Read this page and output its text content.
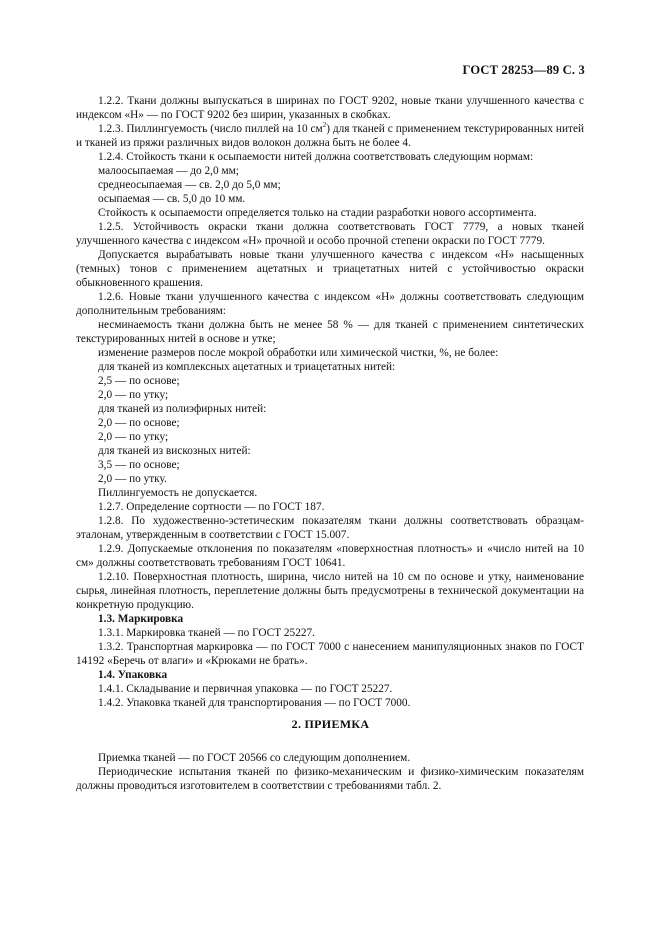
ГОСТ 28253—89 С. 3

1.2.2. Ткани должны выпускаться в ширинах по ГОСТ 9202, новые ткани улучшенного качества с индексом «Н» — по ГОСТ 9202 без ширин, указанных в скобках.

1.2.3. Пиллингуемость (число пиллей на 10 $см^2$) для тканей с применением текстурированных нитей и тканей из пряжи различных видов волокон должна быть не более 4.

1.2.4. Стойкость ткани к осыпаемости нитей должна соответствовать следующим нормам:

малоосыпаемая — до 2,0 мм;

среднеосыпаемая — св. 2,0 до 5,0 мм;

осыпаемая — св. 5,0 до 10 мм.

Стойкость к осыпаемости определяется только на стадии разработки нового ассортимента.

1.2.5. Устойчивость окраски ткани должна соответствовать ГОСТ 7779, а новых тканей улучшенного качества с индексом «Н» прочной и особо прочной степени окраски по ГОСТ 7779.

Допускается вырабатывать новые ткани улучшенного качества с индексом «Н» насыщенных (темных) тонов с применением ацетатных и триацетатных нитей с устойчивостью окраски обыкновенного крашения.

1.2.6. Новые ткани улучшенного качества с индексом «Н» должны соответствовать следующим дополнительным требованиям:

несминаемость ткани должна быть не менее 58 % — для тканей с применением синтетических текстурированных нитей в основе и утке;

изменение размеров после мокрой обработки или химической чистки, %, не более:

для тканей из комплексных ацетатных и триацетатных нитей:

2,5 — по основе;

2,0 — по утку;

для тканей из полиэфирных нитей:

2,0 — по основе;

2,0 — по утку;

для тканей из вискозных нитей:

3,5 — по основе;

2,0 — по утку.

Пиллингуемость не допускается.

1.2.7. Определение сортности — по ГОСТ 187.

1.2.8. По художественно-эстетическим показателям ткани должны соответствовать образцам-эталонам, утвержденным в соответствии с ГОСТ 15.007.

1.2.9. Допускаемые отклонения по показателям «поверхностная плотность» и «число нитей на 10 см» должны соответствовать требованиям ГОСТ 10641.

1.2.10. Поверхностная плотность, ширина, число нитей на 10 см по основе и утку, наименование сырья, линейная плотность, переплетение должны быть предусмотрены в технической документации на конкретную продукцию.

1.3. Маркировка

1.3.1. Маркировка тканей — по ГОСТ 25227.

1.3.2. Транспортная маркировка — по ГОСТ 7000 с нанесением манипуляционных знаков по ГОСТ 14192 «Беречь от влаги» и «Крюками не брать».

1.4. Упаковка

1.4.1. Складывание и первичная упаковка — по ГОСТ 25227.

1.4.2. Упаковка тканей для транспортирования — по ГОСТ 7000.

2. ПРИЕМКА

Приемка тканей — по ГОСТ 20566 со следующим дополнением.

Периодические испытания тканей по физико-механическим и физико-химическим показателям должны проводиться изготовителем в соответствии с требованиями табл. 2.
